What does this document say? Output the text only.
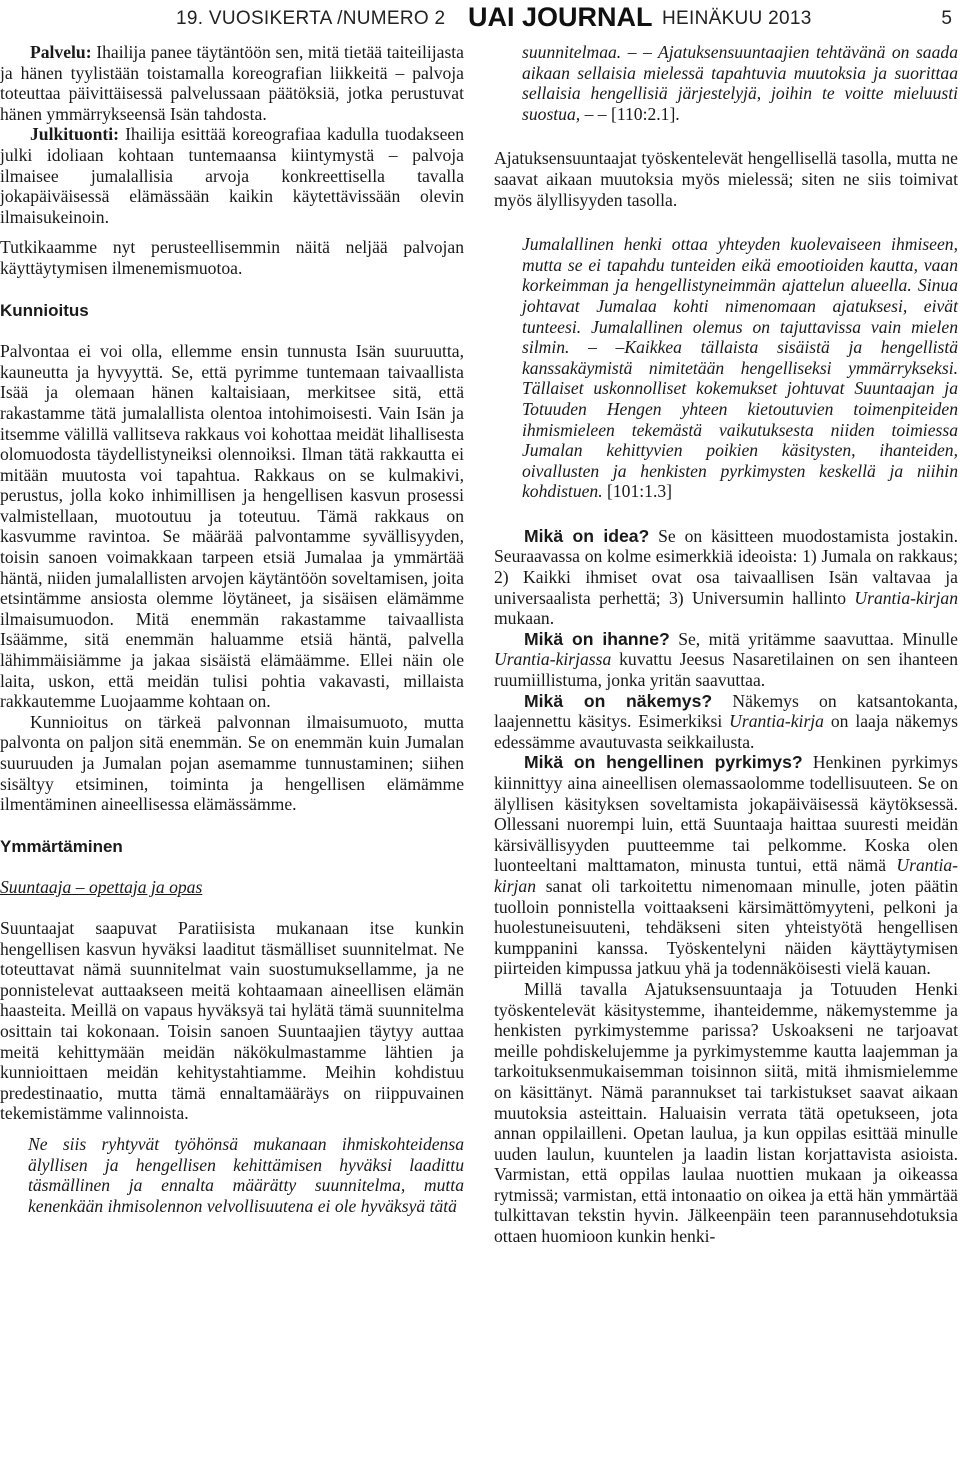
19. VUOSIKERTA /NUMERO 2 UAI JOURNAL HEINÄKUU 2013	5

Palvelu: Ihailija panee täytäntöön sen, mitä tietää taiteilijasta ja hänen tyylistään toistamalla koreografian liikkeitä – palvoja toteuttaa päivittäisessä palvelussaan päätöksiä, jotka perustuvat hänen ymmärrykseensä Isän tahdosta.

Julkituonti: Ihailija esittää koreografiaa kadulla tuodakseen julki idoliaan kohtaan tuntemaansa kiintymystä – palvoja ilmaisee jumalallisia arvoja konkreettisella tavalla jokapäiväisessä elämässään kaikin käytettävissään olevin ilmaisukeinoin.

Tutkikaamme nyt perusteellisemmin näitä neljää palvojan käyttäytymisen ilmenemismuotoa.

Kunnioitus

Palvontaa ei voi olla, ellemme ensin tunnusta Isän suuruutta, kauneutta ja hyvyyttä. Se, että pyrimme tuntemaan taivaallista Isää ja olemaan hänen kaltaisiaan, merkitsee sitä, että rakastamme tätä jumalallista olentoa intohimoisesti. Vain Isän ja itsemme välillä vallitseva rakkaus voi kohottaa meidät lihallisesta olomuodosta täydellistyneiksi olennoiksi. Ilman tätä rakkautta ei mitään muutosta voi tapahtua. Rakkaus on se kulmakivi, perustus, jolla koko inhimillisen ja hengellisen kasvun prosessi valmistellaan, muotoutuu ja toteutuu. Tämä rakkaus on kasvumme ravintoa. Se määrää palvontamme syvällisyyden, toisin sanoen voimakkaan tarpeen etsiä Jumalaa ja ymmärtää häntä, niiden jumalallisten arvojen käytäntöön soveltamisen, joita etsintämme ansiosta olemme löytäneet, ja sisäisen elämämme ilmaisumuodon. Mitä enemmän rakastamme taivaallista Isäämme, sitä enemmän haluamme etsiä häntä, palvella lähimmäisiämme ja jakaa sisäistä elämäämme. Ellei näin ole laita, uskon, että meidän tulisi pohtia vakavasti, millaista rakkautemme Luojaamme kohtaan on.

Kunnioitus on tärkeä palvonnan ilmaisumuoto, mutta palvonta on paljon sitä enemmän. Se on enemmän kuin Jumalan suuruuden ja Jumalan pojan asemamme tunnustaminen; siihen sisältyy etsiminen, toiminta ja hengellisen elämämme ilmentäminen aineellisessa elämässämme.

Ymmärtäminen

Suuntaaja – opettaja ja opas

Suuntaajat saapuvat Paratiisista mukanaan itse kunkin hengellisen kasvun hyväksi laaditut täsmälliset suunnitelmat. Ne toteuttavat nämä suunnitelmat vain suostumuksellamme, ja ne ponnistelevat auttaakseen meitä kohtaamaan aineellisen elämän haasteita. Meillä on vapaus hyväksyä tai hylätä tämä suunnitelma osittain tai kokonaan. Toisin sanoen Suuntaajien täytyy auttaa meitä kehittymään meidän näkökulmastamme lähtien ja kunnioittaen meidän kehitystahtiamme. Meihin kohdistuu predestinaatio, mutta tämä ennaltamääräys on riippuvainen tekemistämme valinnoista.

Ne siis ryhtyvät työhönsä mukanaan ihmiskohteidensa älyllisen ja hengellisen kehittämisen hyväksi laadittu täsmällinen ja ennalta määrätty suunnitelma, mutta kenenkään ihmisolennon velvollisuutena ei ole hyväksyä tätä

suunnitelmaa. – – Ajatuksensuuntaajien tehtävänä on saada aikaan sellaisia mielessä tapahtuvia muutoksia ja suorittaa sellaisia hengellisiä järjestelyjä, joihin te voitte mieluusti suostua, – – [110:2.1].

Ajatuksensuuntaajat työskentelevät hengellisellä tasolla, mutta ne saavat aikaan muutoksia myös mielessä; siten ne siis toimivat myös älyllisyyden tasolla.

Jumalallinen henki ottaa yhteyden kuolevaiseen ihmiseen, mutta se ei tapahdu tunteiden eikä emootioiden kautta, vaan korkeimman ja hengellistyneimmän ajattelun alueella. Sinua johtavat Jumalaa kohti nimenomaan ajatuksesi, eivät tunteesi. Jumalallinen olemus on tajuttavissa vain mielen silmin. – –Kaikkea tällaista sisäistä ja hengellistä kanssakäymistä nimitetään hengelliseksi ymmärrykseksi. Tällaiset uskonnolliset kokemukset johtuvat Suuntaajan ja Totuuden Hengen yhteen kietoutuvien toimenpiteiden ihmismieleen tekemästä vaikutuksesta niiden toimiessa Jumalan kehittyvien poikien käsitysten, ihanteiden, oivallusten ja henkisten pyrkimysten keskellä ja niihin kohdistuen. [101:1.3]

Mikä on idea? Se on käsitteen muodostamista jostakin. Seuraavassa on kolme esimerkkiä ideoista: 1) Jumala on rakkaus; 2) Kaikki ihmiset ovat osa taivaallisen Isän valtavaa ja universaalista perhettä; 3) Universumin hallinto Urantia-kirjan mukaan.

Mikä on ihanne? Se, mitä yritämme saavuttaa. Minulle Urantia-kirjassa kuvattu Jeesus Nasaretilainen on sen ihanteen ruumiillistuma, jonka yritän saavuttaa.

Mikä on näkemys? Näkemys on katsantokanta, laajennettu käsitys. Esimerkiksi Urantia-kirja on laaja näkemys edessämme avautuvasta seikkailusta.

Mikä on hengellinen pyrkimys? Henkinen pyrkimys kiinnittyy aina aineellisen olemassaolomme todellisuuteen. Se on älyllisen käsityksen soveltamista jokapäiväisessä käytöksessä. Ollessani nuorempi luin, että Suuntaaja haittaa suuresti meidän kärsivällisyyden puutteemme tai pelkomme. Koska olen luonteeltani malttamaton, minusta tuntui, että nämä Urantia-kirjan sanat oli tarkoitettu nimenomaan minulle, joten päätin tuolloin ponnistella voittaakseni kärsimättömyyteni, pelkoni ja huolestuneisuuteni, tehdäkseni siten yhteistyötä hengellisen kumppanini kanssa. Työskentelyni näiden käyttäytymisen piirteiden kimpussa jatkuu yhä ja todennäköisesti vielä kauan.

Millä tavalla Ajatuksensuuntaaja ja Totuuden Henki työskentelevät käsitystemme, ihanteidemme, näkemystemme ja henkisten pyrkimystemme parissa? Uskoakseni ne tarjoavat meille pohdiskelujemme ja pyrkimystemme kautta laajemman ja tarkoituksenmukaisemman toisinnon siitä, mitä ihmismielemme on käsittänyt. Nämä parannukset tai tarkistukset saavat aikaan muutoksia asteittain. Haluaisin verrata tätä opetukseen, jota annan oppilailleni. Opetan laulua, ja kun oppilas esittää minulle uuden laulun, kuuntelen ja laadin listan korjattavista asioista. Varmistan, että oppilas laulaa nuottien mukaan ja oikeassa rytmissä; varmistan, että intonaatio on oikea ja että hän ymmärtää tulkittavan tekstin hyvin. Jälkeenpäin teen parannusehdotuksia ottaen huomioon kunkin henki-
